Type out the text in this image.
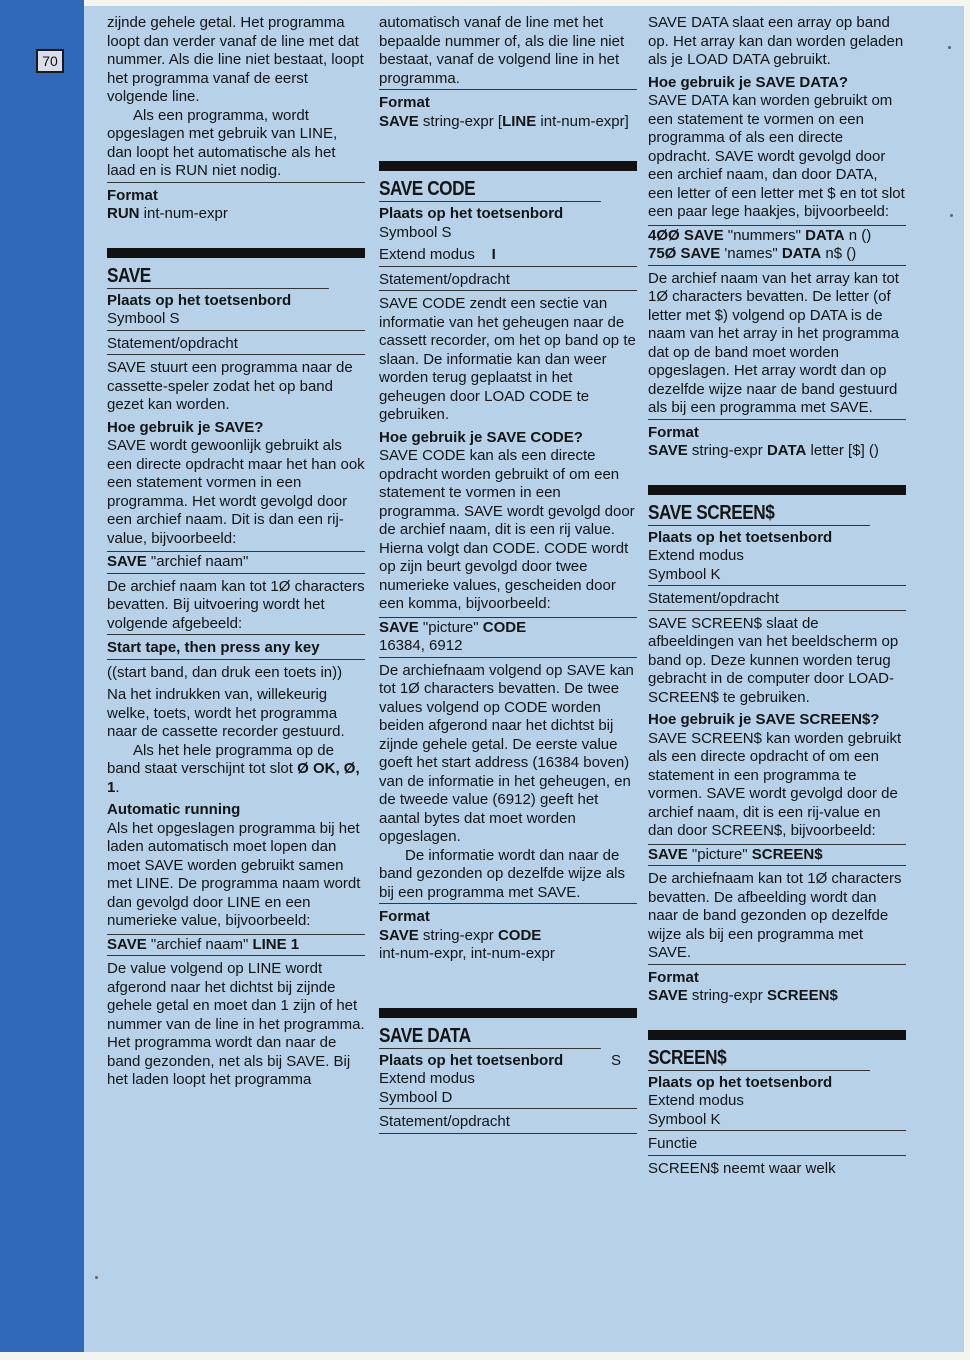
70

zijnde gehele getal. Het programma loopt dan verder vanaf de line met dat nummer. Als die line niet bestaat, loopt het programma vanaf de eerst volgende line.

Als een programma, wordt opgeslagen met gebruik van LINE, dan loopt het automatische als het laad en is RUN niet nodig.

Format

RUN int-num-expr

SAVE

Plaats op het toetsenbord

Symbool S

Statement/opdracht

SAVE stuurt een programma naar de cassette-speler zodat het op band gezet kan worden.

Hoe gebruik je SAVE?

SAVE wordt gewoonlijk gebruikt als een directe opdracht maar het han ook een statement vormen in een programma. Het wordt gevolgd door een archief naam. Dit is dan een rij-value, bijvoorbeeld:

SAVE "archief naam"

De archief naam kan tot 1Ø characters bevatten. Bij uitvoering wordt het volgende afgebeeld:

Start tape, then press any key

((start band, dan druk een toets in))

Na het indrukken van, willekeurig welke, toets, wordt het programma naar de cassette recorder gestuurd.

Als het hele programma op de band staat verschijnt tot slot Ø OK, Ø, 1.

Automatic running

Als het opgeslagen programma bij het laden automatisch moet lopen dan moet SAVE worden gebruikt samen met LINE. De programma naam wordt dan gevolgd door LINE en een numerieke value, bijvoorbeeld:

SAVE "archief naam" LINE 1

De value volgend op LINE wordt afgerond naar het dichtst bij zijnde gehele getal en moet dan 1 zijn of het nummer van de line in het programma. Het programma wordt dan naar de band gezonden, net als bij SAVE. Bij het laden loopt het programma

automatisch vanaf de line met het bepaalde nummer of, als die line niet bestaat, vanaf de volgend line in het programma.

Format

SAVE string-expr [LINE int-num-expr]

SAVE CODE

Plaats op het toetsenbord

Symbool S

Extend modus I

Statement/opdracht

SAVE CODE zendt een sectie van informatie van het geheugen naar de cassett recorder, om het op band op te slaan. De informatie kan dan weer worden terug geplaatst in het geheugen door LOAD CODE te gebruiken.

Hoe gebruik je SAVE CODE?

SAVE CODE kan als een directe opdracht worden gebruikt of om een statement te vormen in een programma. SAVE wordt gevolgd door de archief naam, dit is een rij value. Hierna volgt dan CODE. CODE wordt op zijn beurt gevolgd door twee numerieke values, gescheiden door een komma, bijvoorbeeld:

SAVE "picture" CODE

16384, 6912

De archiefnaam volgend op SAVE kan tot 1Ø characters bevatten. De twee values volgend op CODE worden beiden afgerond naar het dichtst bij zijnde gehele getal. De eerste value goeft het start address (16384 boven) van de informatie in het geheugen, en de tweede value (6912) geeft het aantal bytes dat moet worden opgeslagen.

De informatie wordt dan naar de band gezonden op dezelfde wijze als bij een programma met SAVE.

Format

SAVE string-expr CODE

int-num-expr, int-num-expr

SAVE DATA

Plaats op het toetsenbord	S

Extend modus

Symbool D

Statement/opdracht

SAVE DATA slaat een array op band op. Het array kan dan worden geladen als je LOAD DATA gebruikt.

Hoe gebruik je SAVE DATA?

SAVE DATA kan worden gebruikt om een statement te vormen on een programma of als een directe opdracht. SAVE wordt gevolgd door een archief naam, dan door DATA, een letter of een letter met $ en tot slot een paar lege haakjes, bijvoorbeeld:

4ØØ SAVE "nummers" DATA n ()

75Ø SAVE 'names" DATA n$ ()

De archief naam van het array kan tot 1Ø characters bevatten. De letter (of letter met $) volgend op DATA is de naam van het array in het programma dat op de band moet worden opgeslagen. Het array wordt dan op dezelfde wijze naar de band gestuurd als bij een programma met SAVE.

Format

SAVE string-expr DATA letter [$] ()

SAVE SCREEN$

Plaats op het toetsenbord

Extend modus

Symbool K

Statement/opdracht

SAVE SCREEN$ slaat de afbeeldingen van het beeldscherm op band op. Deze kunnen worden terug gebracht in de computer door LOAD-SCREEN$ te gebruiken.

Hoe gebruik je SAVE SCREEN$?

SAVE SCREEN$ kan worden gebruikt als een directe opdracht of om een statement in een programma te vormen. SAVE wordt gevolgd door de archief naam, dit is een rij-value en dan door SCREEN$, bijvoorbeeld:

SAVE "picture" SCREEN$

De archiefnaam kan tot 1Ø characters bevatten. De afbeelding wordt dan naar de band gezonden op dezelfde wijze als bij een programma met SAVE.

Format

SAVE string-expr SCREEN$

SCREEN$

Plaats op het toetsenbord

Extend modus

Symbool K

Functie

SCREEN$ neemt waar welk
